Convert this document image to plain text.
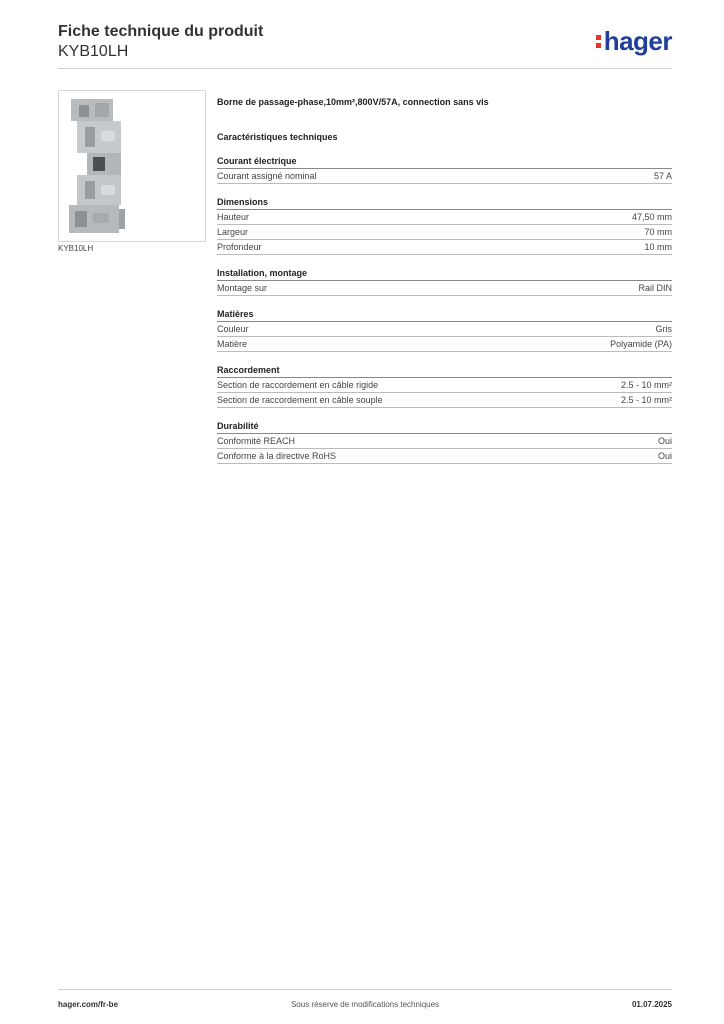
Fiche technique du produit
KYB10LH	hager
KYB10LH
Borne de passage-phase,10mm²,800V/57A, connection sans vis
Caractéristiques techniques
Courant électrique
Courant assigné nominal	57 A
Dimensions
Hauteur	47,50 mm
Largeur	70 mm
Profondeur	10 mm
Installation, montage
Montage sur	Rail DIN
Matières
Couleur	Gris
Matière	Polyamide (PA)
Raccordement
Section de raccordement en câble rigide	2.5 - 10 mm²
Section de raccordement en câble souple	2.5 - 10 mm²
Durabilité
Conformité REACH	Oui
Conforme à la directive RoHS	Oui
hager.com/fr-be	Sous réserve de modifications techniques	01.07.2025
